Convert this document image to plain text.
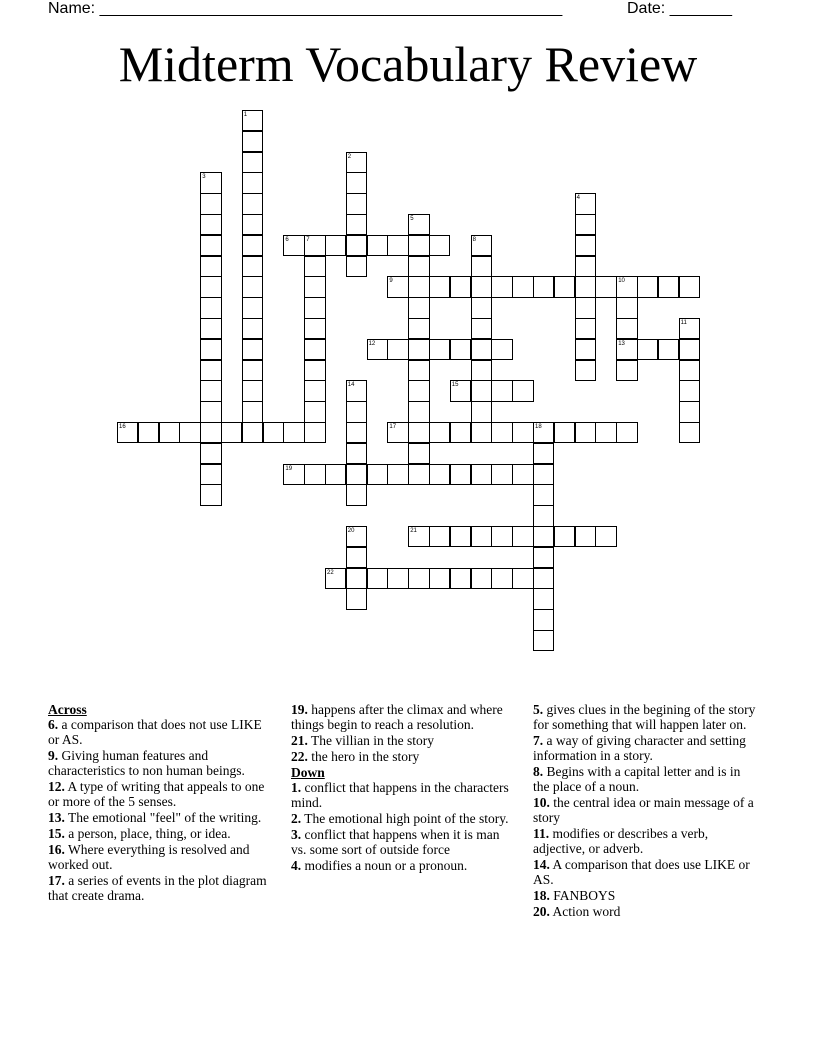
Name: ____________________________________________________	Date: _______
Midterm Vocabulary Review
1
2
3
4
5
6	7	8
9	10
11
12	13
14	15
16	17	18
19
20	21
22
Across
6. a comparison that does not use LIKE or AS.
9. Giving human features and characteristics to non human beings.
12. A type of writing that appeals to one or more of the 5 senses.
13. The emotional "feel" of the writing.
15. a person, place, thing, or idea.
16. Where everything is resolved and worked out.
17. a series of events in the plot diagram that create drama.
19. happens after the climax and where things begin to reach a resolution.
21. The villian in the story
22. the hero in the story
Down
1. conflict that happens in the characters mind.
2. The emotional high point of the story.
3. conflict that happens when it is man vs. some sort of outside force
4. modifies a noun or a pronoun.
5. gives clues in the begining of the story for something that will happen later on.
7. a way of giving character and setting information in a story.
8. Begins with a capital letter and is in the place of a noun.
10. the central idea or main message of a story
11. modifies or describes a verb, adjective, or adverb.
14. A comparison that does use LIKE or AS.
18. FANBOYS
20. Action word
